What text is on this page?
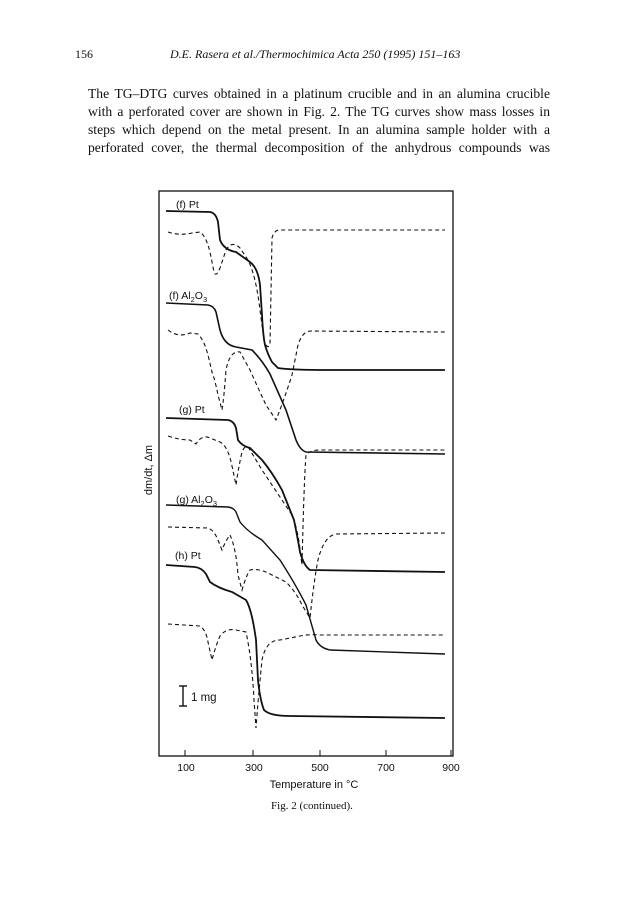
156	D.E. Rasera et al./Thermochimica Acta 250 (1995) 151–163
The TG–DTG curves obtained in a platinum crucible and in an alumina crucible
with a perforated cover are shown in Fig. 2. The TG curves show mass losses in
steps which depend on the metal present. In an alumina sample holder with a
perforated cover, the thermal decomposition of the anhydrous compounds was
1 mg
(f) Pt
(f) $Al_2O_3$
(g) Pt
(g) $Al_2O_3$
(h) Pt
dm/dt, Δm
100	300	500	700	900
Temperature in °C
Fig. 2 (continued).
